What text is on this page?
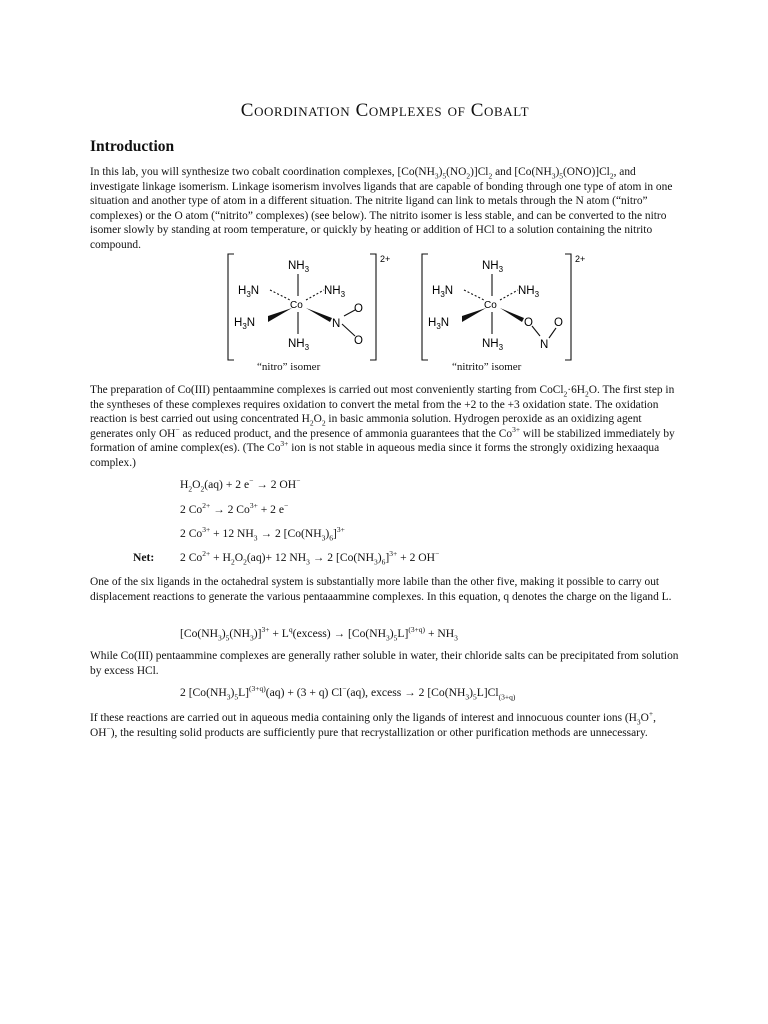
Coordination Complexes of Cobalt
Introduction

In this lab, you will synthesize two cobalt coordination complexes, $[Co(NH_3)_5(NO_2)]Cl_2$ and $[Co(NH_3)_5(ONO)]Cl_2$, and investigate linkage isomerism. Linkage isomerism involves ligands that are capable of bonding through one type of atom in one situation and another type of atom in a different situation. The nitrite ligand can link to metals through the N atom (“nitro” complexes) or the O atom (“nitrito” complexes) (see below). The nitrito isomer is less stable, and can be converted to the nitro isomer slowly by standing at room temperature, or quickly by heating or addition of HCl to a solution containing the nitrito compound.

$NH_3$
$NH_3$
$H_3N$
$H_3N$
$NH_3$
Co
N
O
O
$NH_3$
$NH_3$
$H_3N$
$H_3N$
$NH_3$
Co
O
N
O
2+	2+
“nitro” isomer	“nitrito” isomer

The preparation of Co(III) pentaammine complexes is carried out most conveniently starting from $CoCl_2\cdot 6H_2O$. The first step in the syntheses of these complexes requires oxidation to convert the metal from the +2 to the +3 oxidation state. The oxidation reaction is best carried out using concentrated $H_2O_2$ in basic ammonia solution. Hydrogen peroxide as an oxidizing agent generates only OH− as reduced product, and the presence of ammonia guarantees that the $Co^{3+}$ will be stabilized immediately by formation of amine complex(es). (The $Co^{3+}$ ion is not stable in aqueous media since it forms the strongly oxidizing hexaaqua complex.)

$H_2O_2(aq) + 2$ e− → 2 OH−
2 $Co^{2+} \to 2$ $Co^{3+} + 2$ e−
2 $Co^{3+} + 12$ $NH_3 \to 2$ $[Co(NH_3)_6]^{3+}$
Net: 2 $Co^{2+} + H_2O_2(aq)+ 12$ $NH_3 \to 2$ $[Co(NH_3)_6]^{3+} + 2$ OH−

One of the six ligands in the octahedral system is substantially more labile than the other five, making it possible to carry out displacement reactions to generate the various pentaaammine complexes. In this equation, q denotes the charge on the ligand L.

$[Co(NH_3)_5(NH_3)]^{3+}$ + $L^q(excess) \to [Co(NH_3)_5L]^{(3+q)} + NH_3$

While Co(III) pentaammine complexes are generally rather soluble in water, their chloride salts can be precipitated from solution by excess HCl.

2 $[Co(NH_3)_5L]^{(3+q)}(aq) + (3 + q)$ Cl−(aq), excess → 2 $[Co(NH_3)_5L]Cl_{(3+q)}$

If these reactions are carried out in aqueous media containing only the ligands of interest and innocuous counter ions ($H_3O^+$, OH−), the resulting solid products are sufficiently pure that recrystallization or other purification methods are unnecessary.
